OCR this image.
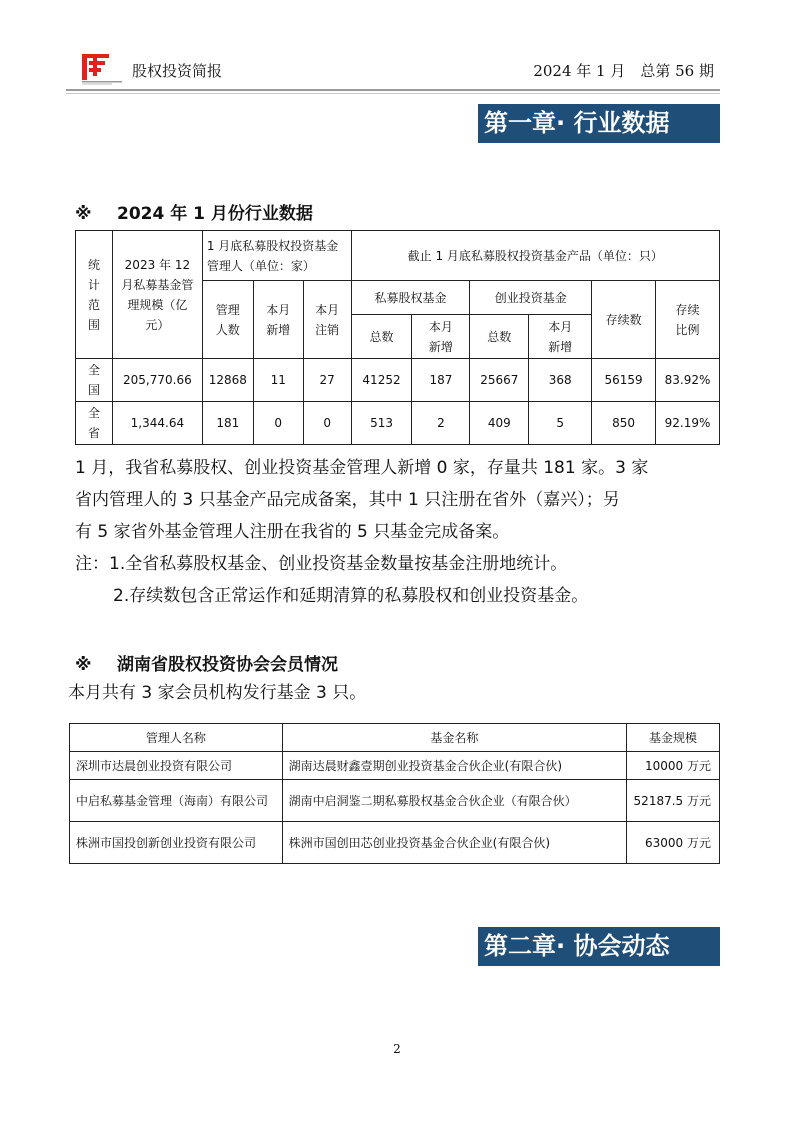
股权投资简报	2024 年 1 月　总第 56 期
第一章· 行业数据
※ 2024 年 1 月份行业数据
统计范围	2023 年 12 月私募基金管理规模（亿元）	1 月底私募股权投资基金管理人（单位：家）			截止 1 月底私募股权投资基金产品（单位：只）					
		管理人数	本月新增	本月注销	私募股权基金		创业投资基金		存续数	存续比例
					总数	本月新增	总数	本月新增		
全国	205,770.66	12868	11	27	41252	187	25667	368	56159	83.92%
全省	1,344.64	181	0	0	513	2	409	5	850	92.19%
1 月，我省私募股权、创业投资基金管理人新增 0 家，存量共 181 家。3 家
省内管理人的 3 只基金产品完成备案，其中 1 只注册在省外（嘉兴）；另
有 5 家省外基金管理人注册在我省的 5 只基金完成备案。
注：1.全省私募股权基金、创业投资基金数量按基金注册地统计。
2.存续数包含正常运作和延期清算的私募股权和创业投资基金。
※ 湖南省股权投资协会会员情况
本月共有 3 家会员机构发行基金 3 只。
管理人名称	基金名称	基金规模
深圳市达晨创业投资有限公司	湖南达晨财鑫壹期创业投资基金合伙企业(有限合伙)	10000 万元
中启私募基金管理（海南）有限公司	湖南中启洞鉴二期私募股权基金合伙企业（有限合伙）	52187.5 万元
株洲市国投创新创业投资有限公司	株洲市国创田芯创业投资基金合伙企业(有限合伙)	63000 万元
第二章· 协会动态
2
